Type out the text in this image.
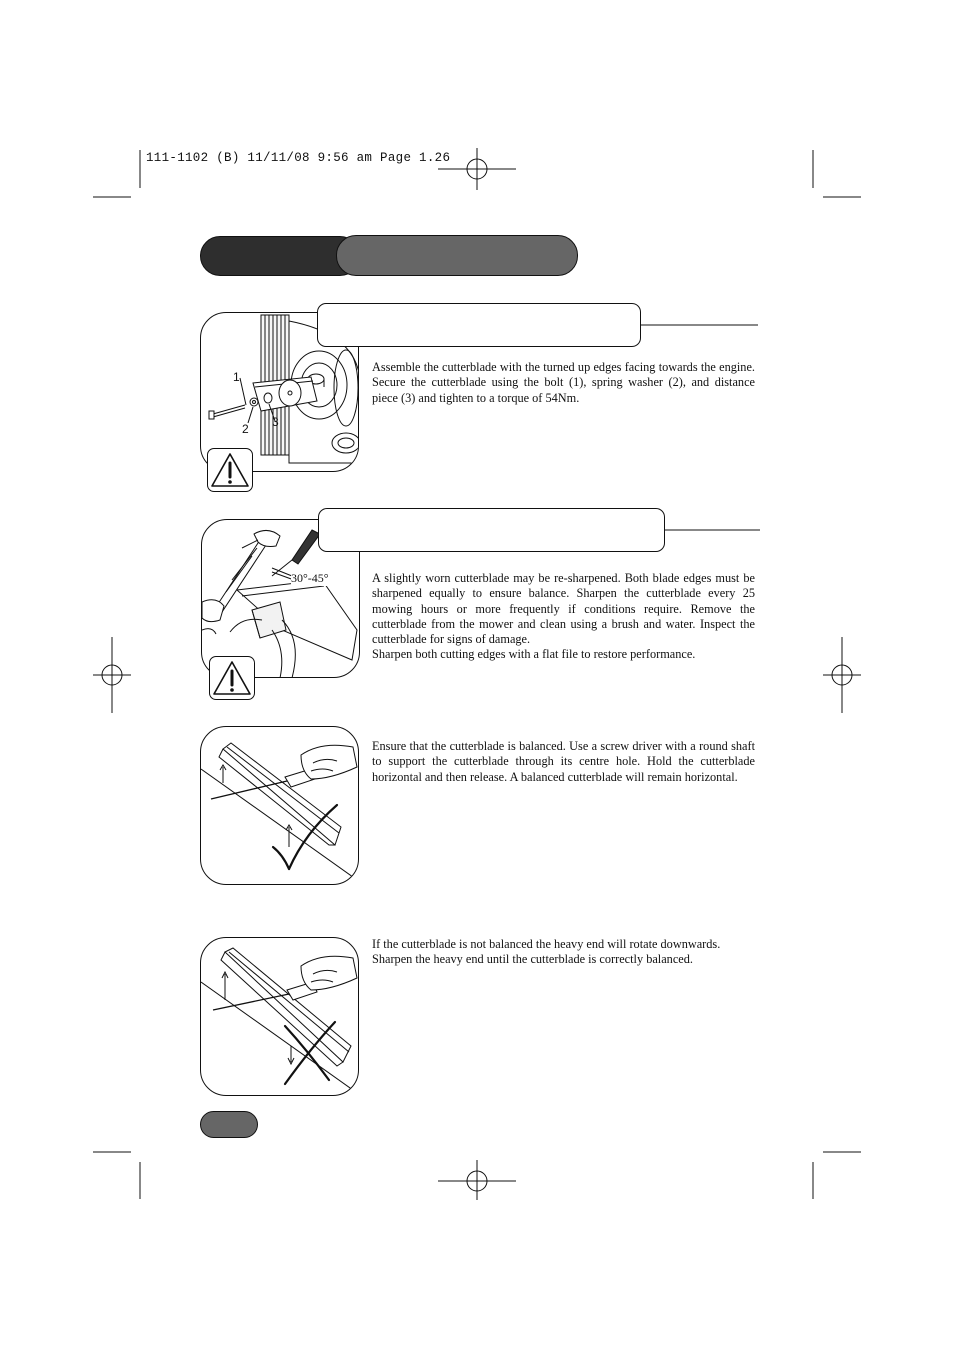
111-1102 (B) 11/11/08 9:56 am Page 1.26
1
2 3

Assemble the cutterblade with the turned up edges facing towards the engine. Secure the cutterblade using the bolt (1), spring washer (2), and distance piece (3) and tighten to a torque of 54Nm.

30°-45°	A slightly worn cutterblade may be re-sharpened. Both blade edges must be sharpened equally to ensure balance. Sharpen the cutterblade every 25 mowing hours or more frequently if conditions require. Remove the cutterblade from the mower and clean using a brush and water. Inspect the cutterblade for signs of damage.
Sharpen both cutting edges with a flat file to restore performance.

Ensure that the cutterblade is balanced. Use a screw driver with a round shaft to support the cutterblade through its centre hole. Hold the cutterblade horizontal and then release. A balanced cutterblade will remain horizontal.

If the cutterblade is not balanced the heavy end will rotate downwards. Sharpen the heavy end until the cutterblade is correctly balanced.
